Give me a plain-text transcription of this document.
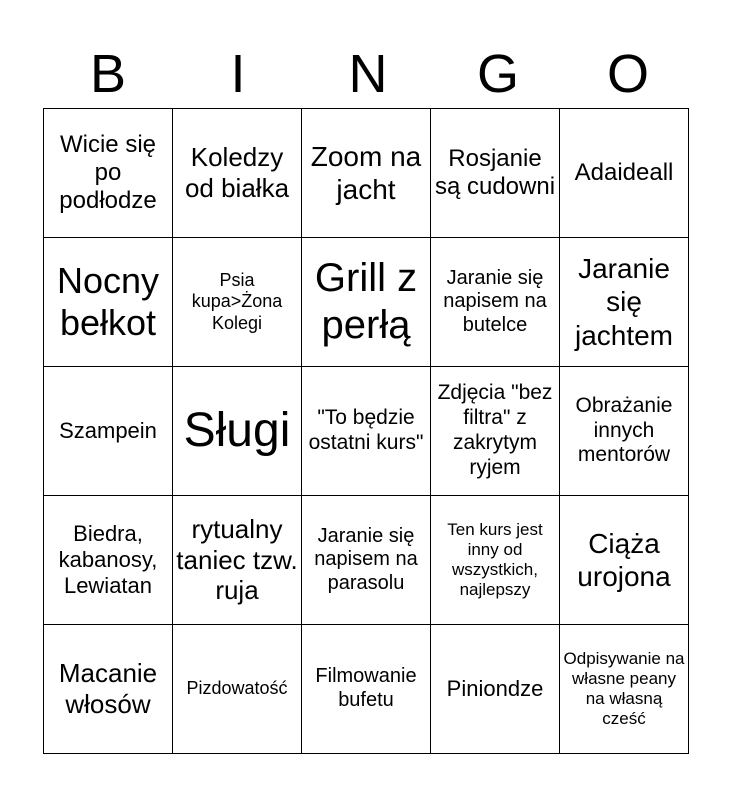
B	I	N	G	O
Wicie się po podłodze	Koledzy od białka	Zoom na jacht	Rosjanie są cudowni	Adaideall
Nocny bełkot	Psia kupa>Żona Kolegi	Grill z perłą	Jaranie się napisem na butelce	Jaranie się jachtem
Szampein	Sługi	"To będzie ostatni kurs"	Zdjęcia "bez filtra" z zakrytym ryjem	Obrażanie innych mentorów
Biedra, kabanosy, Lewiatan	rytualny taniec tzw. ruja	Jaranie się napisem na parasolu	Ten kurs jest inny od wszystkich, najlepszy	Ciąża urojona
Macanie włosów	Pizdowatość	Filmowanie bufetu	Piniondze	Odpisywanie na własne peany na własną cześć
